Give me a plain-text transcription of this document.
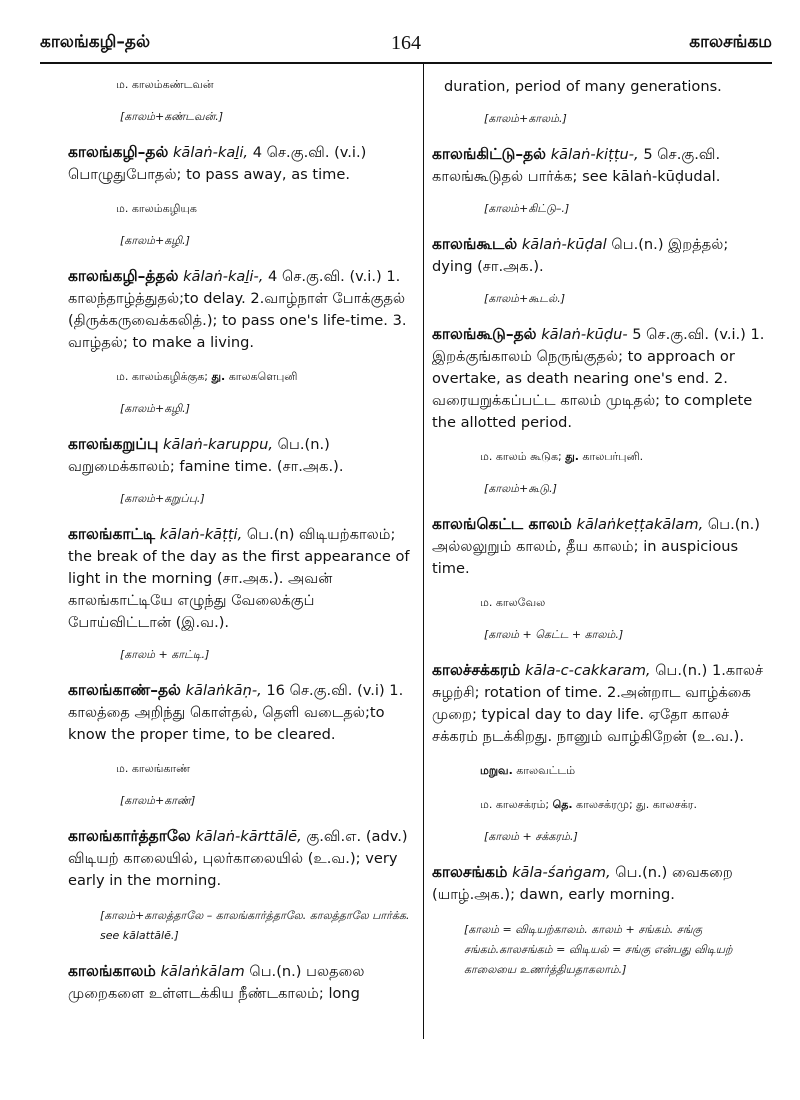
காலங்கழி–தல்	164	காலசங்கம
ம. காலம்கண்டவன்
[காலம்+கண்டவன்.]
காலங்கழி–தல் kālaṅ-kaḻi, 4 செ.கு.வி. (v.i.) பொழுதுபோதல்; to pass away, as time.
ம. காலம்கழியுக
[காலம்+கழி.]
காலங்கழி–த்தல் kālaṅ-kaḻi-, 4 செ.கு.வி. (v.i.) 1. காலந்தாழ்த்துதல்;to delay. 2.வாழ்நாள் போக்குதல் (திருக்கருவைக்கலித்.); to pass one's life-time. 3. வாழ்தல்; to make a living.
ம. காலம்கழிக்குக; து. காலகளெபுனி
[காலம்+கழி.]
காலங்கறுப்பு kālaṅ-karuppu, பெ.(n.) வறுமைக்காலம்; famine time. (சா.அக.).
[காலம்+கறுப்பு.]
காலங்காட்டி kālaṅ-kāṭṭi, பெ.(n) விடியற்காலம்; the break of the day as the first appearance of light in the morning (சா.அக.). அவன் காலங்காட்டியே எழுந்து வேலைக்குப் போய்விட்டான் (இ.வ.).
[காலம் + காட்டி.]
காலங்காண்–தல் kālaṅkāṇ-, 16 செ.கு.வி. (v.i) 1. காலத்தை அறிந்து கொள்தல், தெளி வடைதல்;to know the proper time, to be cleared.
ம. காலங்காண்
[காலம்+காண்]
காலங்கார்த்தாலே kālaṅ-kārttālē, கு.வி.எ. (adv.) விடியற் காலையில், புலர்காலையில் (உ.வ.); very early in the morning.
[காலம்+காலத்தாலே – காலங்கார்த்தாலே. காலத்தாலே பார்க்க. see kālattālē.]
காலங்காலம் kālaṅkālam பெ.(n.) பலதலை முறைகளை உள்ளடக்கிய நீண்டகாலம்; long
duration, period of many generations.
[காலம்+காலம்.]
காலங்கிட்டு–தல் kālaṅ-kiṭṭu-, 5 செ.கு.வி. காலங்கூடுதல் பார்க்க; see kālaṅ-kūḍudal.
[காலம்+கிட்டு–.]
காலங்கூடல் kālaṅ-kūḍal பெ.(n.) இறத்தல்; dying (சா.அக.).
[காலம்+கூடல்.]
காலங்கூடு–தல் kālaṅ-kūḍu- 5 செ.கு.வி. (v.i.) 1. இறக்குங்காலம் நெருங்குதல்; to approach or overtake, as death nearing one's end. 2. வரையறுக்கப்பட்ட காலம் முடிதல்; to complete the allotted period.
ம. காலம் கூடுக; து. காலபர்புனி.
[காலம்+கூடு.]
காலங்கெட்ட காலம் kālaṅkeṭṭakālam, பெ.(n.) அல்லலுறும் காலம், தீய காலம்; in auspicious time.
ம. காலவேல
[காலம் + கெட்ட + காலம்.]
காலச்சக்கரம் kāla-c-cakkaram, பெ.(n.) 1.காலச் சுழற்சி; rotation of time. 2.அன்றாட வாழ்க்கை முறை; typical day to day life. ஏதோ காலச் சக்கரம் நடக்கிறது. நானும் வாழ்கிறேன் (உ.வ.).
மறுவ. காலவட்டம்
ம. காலசக்ரம்; தெ. காலசக்ரமு; து. காலசக்ர.
[காலம் + சக்கரம்.]
காலசங்கம் kāla-śaṅgam, பெ.(n.) வைகறை (யாழ்.அக.); dawn, early morning.
[காலம் = விடியற்காலம். காலம் + சங்கம். சங்கு சங்கம்.காலசங்கம் = விடியல் = சங்கு என்பது விடியற் காலையை உணர்த்தியதாகலாம்.]
